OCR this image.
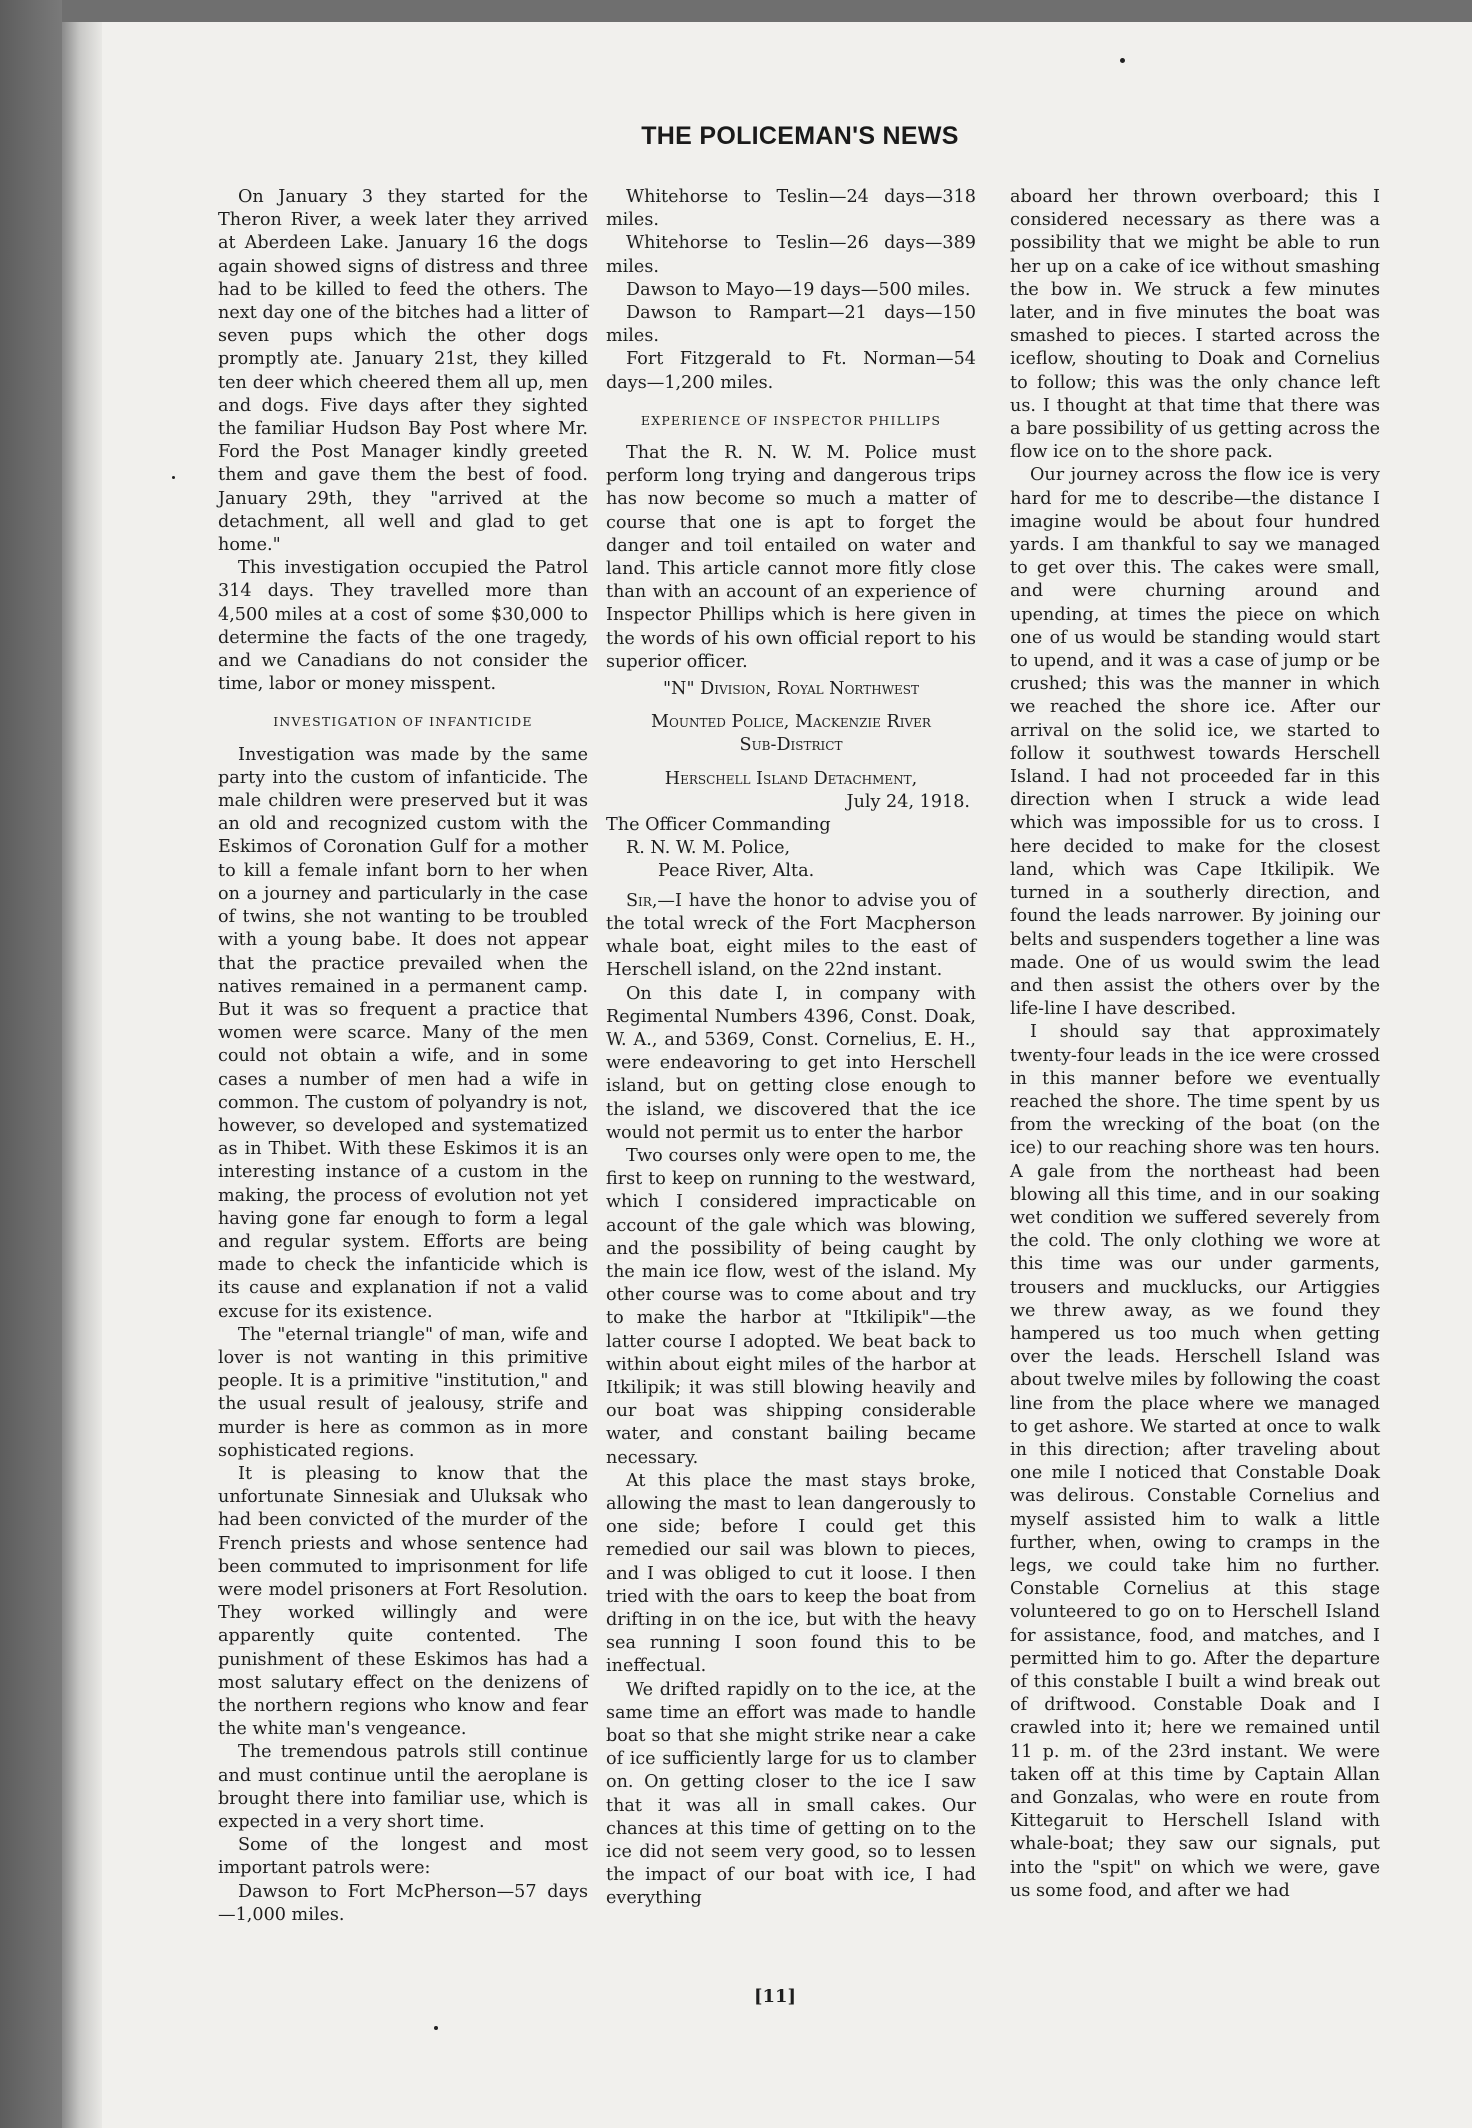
THE POLICEMAN'S NEWS

On January 3 they started for the Theron River, a week later they arrived at Aberdeen Lake. January 16 the dogs again showed signs of distress and three had to be killed to feed the others. The next day one of the bitches had a litter of seven pups which the other dogs promptly ate. January 21st, they killed ten deer which cheered them all up, men and dogs. Five days after they sighted the familiar Hudson Bay Post where Mr. Ford the Post Manager kindly greeted them and gave them the best of food. January 29th, they "arrived at the detachment, all well and glad to get home."

This investigation occupied the Patrol 314 days. They travelled more than 4,500 miles at a cost of some $30,000 to determine the facts of the one tragedy, and we Canadians do not consider the time, labor or money misspent.

INVESTIGATION OF INFANTICIDE

Investigation was made by the same party into the custom of infanticide. The male children were preserved but it was an old and recognized custom with the Eskimos of Coronation Gulf for a mother to kill a female infant born to her when on a journey and particularly in the case of twins, she not wanting to be troubled with a young babe. It does not appear that the practice prevailed when the natives remained in a permanent camp. But it was so frequent a practice that women were scarce. Many of the men could not obtain a wife, and in some cases a number of men had a wife in common. The custom of polyandry is not, however, so developed and systematized as in Thibet. With these Eskimos it is an interesting instance of a custom in the making, the process of evolution not yet having gone far enough to form a legal and regular system. Efforts are being made to check the infanticide which is its cause and explanation if not a valid excuse for its existence.

The "eternal triangle" of man, wife and lover is not wanting in this primitive people. It is a primitive "institution," and the usual result of jealousy, strife and murder is here as common as in more sophisticated regions.

It is pleasing to know that the unfortunate Sinnesiak and Uluksak who had been convicted of the murder of the French priests and whose sentence had been commuted to imprisonment for life were model prisoners at Fort Resolution. They worked willingly and were apparently quite contented. The punishment of these Eskimos has had a most salutary effect on the denizens of the northern regions who know and fear the white man's vengeance.

The tremendous patrols still continue and must continue until the aeroplane is brought there into familiar use, which is expected in a very short time.

Some of the longest and most important patrols were:

Dawson to Fort McPherson—57 days —1,000 miles.

Whitehorse to Teslin—24 days—318 miles.

Whitehorse to Teslin—26 days—389 miles.

Dawson to Mayo—19 days—500 miles.

Dawson to Rampart—21 days—150 miles.

Fort Fitzgerald to Ft. Norman—54 days—1,200 miles.

EXPERIENCE OF INSPECTOR PHILLIPS

That the R. N. W. M. Police must perform long trying and dangerous trips has now become so much a matter of course that one is apt to forget the danger and toil entailed on water and land. This article cannot more fitly close than with an account of an experience of Inspector Phillips which is here given in the words of his own official report to his superior officer.

"N" Division, Royal Northwest

Mounted Police, Mackenzie River

Sub-District

Herschell Island Detachment,

July 24, 1918.

The Officer Commanding

R. N. W. M. Police,

Peace River, Alta.

Sir,—I have the honor to advise you of the total wreck of the Fort Macpherson whale boat, eight miles to the east of Herschell island, on the 22nd instant.

On this date I, in company with Regimental Numbers 4396, Const. Doak, W. A., and 5369, Const. Cornelius, E. H., were endeavoring to get into Herschell island, but on getting close enough to the island, we discovered that the ice would not permit us to enter the harbor

Two courses only were open to me, the first to keep on running to the westward, which I considered impracticable on account of the gale which was blowing, and the possibility of being caught by the main ice flow, west of the island. My other course was to come about and try to make the harbor at "Itkilipik"—the latter course I adopted. We beat back to within about eight miles of the harbor at Itkilipik; it was still blowing heavily and our boat was shipping considerable water, and constant bailing became necessary.

At this place the mast stays broke, allowing the mast to lean dangerously to one side; before I could get this remedied our sail was blown to pieces, and I was obliged to cut it loose. I then tried with the oars to keep the boat from drifting in on the ice, but with the heavy sea running I soon found this to be ineffectual.

We drifted rapidly on to the ice, at the same time an effort was made to handle boat so that she might strike near a cake of ice sufficiently large for us to clamber on. On getting closer to the ice I saw that it was all in small cakes. Our chances at this time of getting on to the ice did not seem very good, so to lessen the impact of our boat with ice, I had everything

aboard her thrown overboard; this I considered necessary as there was a possibility that we might be able to run her up on a cake of ice without smashing the bow in. We struck a few minutes later, and in five minutes the boat was smashed to pieces. I started across the iceflow, shouting to Doak and Cornelius to follow; this was the only chance left us. I thought at that time that there was a bare possibility of us getting across the flow ice on to the shore pack.

Our journey across the flow ice is very hard for me to describe—the distance I imagine would be about four hundred yards. I am thankful to say we managed to get over this. The cakes were small, and were churning around and upending, at times the piece on which one of us would be standing would start to upend, and it was a case of jump or be crushed; this was the manner in which we reached the shore ice. After our arrival on the solid ice, we started to follow it southwest towards Herschell Island. I had not proceeded far in this direction when I struck a wide lead which was impossible for us to cross. I here decided to make for the closest land, which was Cape Itkilipik. We turned in a southerly direction, and found the leads narrower. By joining our belts and suspenders together a line was made. One of us would swim the lead and then assist the others over by the life-line I have described.

I should say that approximately twenty-four leads in the ice were crossed in this manner before we eventually reached the shore. The time spent by us from the wrecking of the boat (on the ice) to our reaching shore was ten hours. A gale from the northeast had been blowing all this time, and in our soaking wet condition we suffered severely from the cold. The only clothing we wore at this time was our under garments, trousers and mucklucks, our Artiggies we threw away, as we found they hampered us too much when getting over the leads. Herschell Island was about twelve miles by following the coast line from the place where we managed to get ashore. We started at once to walk in this direction; after traveling about one mile I noticed that Constable Doak was delirous. Constable Cornelius and myself assisted him to walk a little further, when, owing to cramps in the legs, we could take him no further. Constable Cornelius at this stage volunteered to go on to Herschell Island for assistance, food, and matches, and I permitted him to go. After the departure of this constable I built a wind break out of driftwood. Constable Doak and I crawled into it; here we remained until 11 p. m. of the 23rd instant. We were taken off at this time by Captain Allan and Gonzalas, who were en route from Kittegaruit to Herschell Island with whale-boat; they saw our signals, put into the "spit" on which we were, gave us some food, and after we had

[11]
